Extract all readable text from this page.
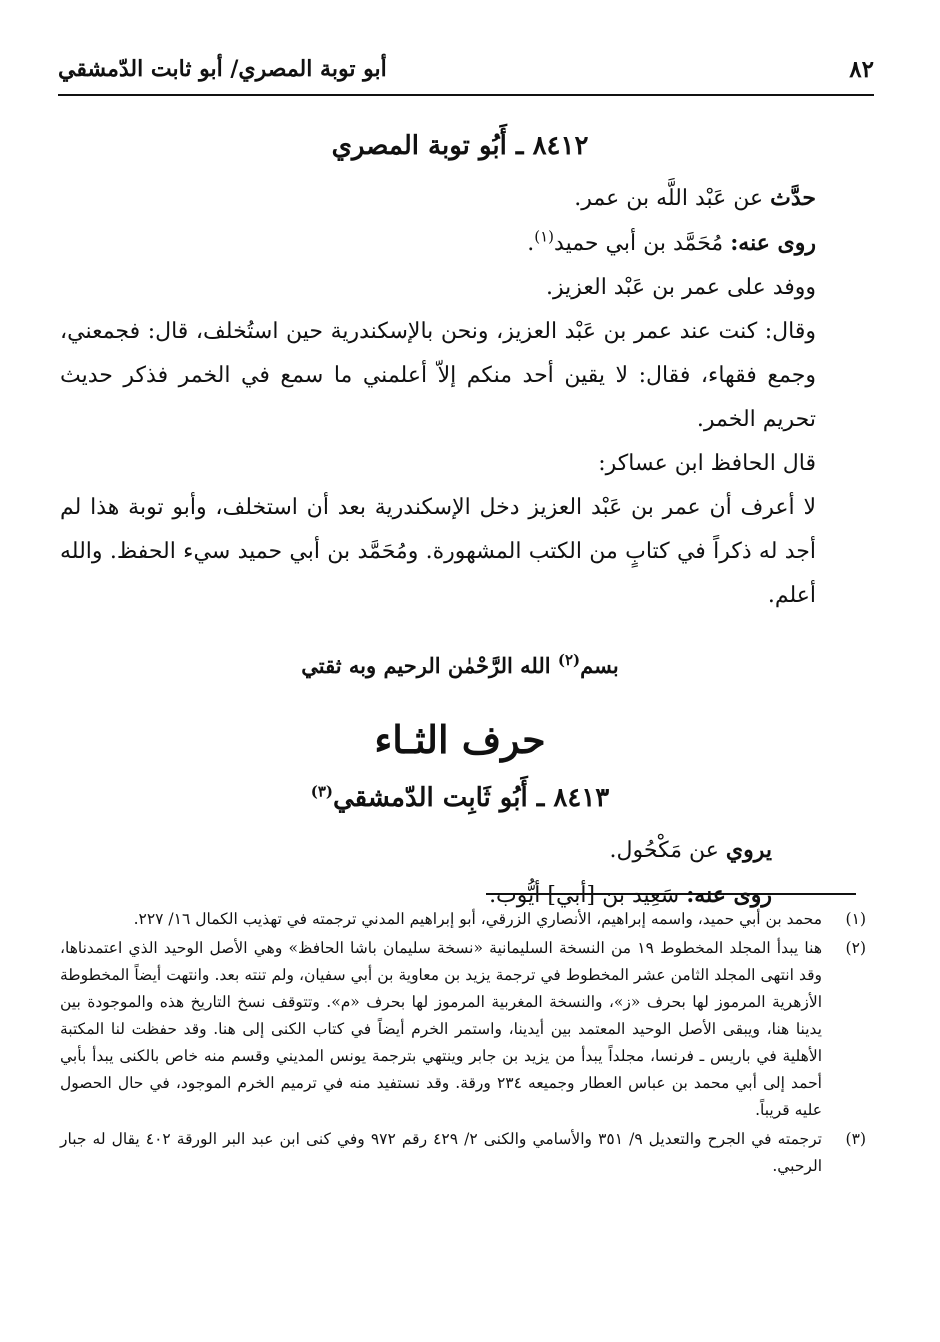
٨٢
أبو توبة المصري/ أبو ثابت الدّمشقي
٨٤١٢ ـ أَبُو توبة المصري

حدَّث عن عَبْد اللَّه بن عمر.

روى عنه: مُحَمَّد بن أبي حميد$^{(١)}$.

ووفد على عمر بن عَبْد العزيز.

وقال: كنت عند عمر بن عَبْد العزيز، ونحن بالإسكندرية حين استُخلف، قال: فجمعني، وجمع فقهاء، فقال: لا يقين أحد منكم إلاّ أعلمني ما سمع في الخمر فذكر حديث تحريم الخمر.

قال الحافظ ابن عساكر:

لا أعرف أن عمر بن عَبْد العزيز دخل الإسكندرية بعد أن استخلف، وأبو توبة هذا لم أجد له ذكراً في كتابٍ من الكتب المشهورة. ومُحَمَّد بن أبي حميد سيء الحفظ. والله أعلم.

بسم$^{(٢)}$ الله الرَّحْمٰن الرحيم وبه ثقتي
حرف الثـاء
٨٤١٣ ـ أَبُو ثَابِت الدّمشقي$^{(٣)}$

يروي عن مَكْحُول.

روى عنه: سَعِيد بن [أبي] أيُّوب.

(١)
محمد بن أبي حميد، واسمه إبراهيم، الأنصاري الزرقي، أبو إبراهيم المدني ترجمته في تهذيب الكمال ١٦/ ٢٢٧.
(٢)
هنا يبدأ المجلد المخطوط ١٩ من النسخة السليمانية «نسخة سليمان باشا الحافظ» وهي الأصل الوحيد الذي اعتمدناها، وقد انتهى المجلد الثامن عشر المخطوط في ترجمة يزيد بن معاوية بن أبي سفيان، ولم تنته بعد. وانتهت أيضاً المخطوطة الأزهرية المرموز لها بحرف «ز»، والنسخة المغربية المرموز لها بحرف «م». وتتوقف نسخ التاريخ هذه والموجودة بين يدينا هنا، ويبقى الأصل الوحيد المعتمد بين أيدينا، واستمر الخرم أيضاً في كتاب الكنى إلى هنا. وقد حفظت لنا المكتبة الأهلية في باريس ـ فرنسا، مجلداً يبدأ من يزيد بن جابر وينتهي بترجمة يونس المديني وقسم منه خاص بالكنى يبدأ بأبي أحمد إلى أبي محمد بن عباس العطار وجميعه ٢٣٤ ورقة. وقد نستفيد منه في ترميم الخرم الموجود، في حال الحصول عليه قريباً.
(٣)
ترجمته في الجرح والتعديل ٩/ ٣٥١ والأسامي والكنى ٢/ ٤٢٩ رقم ٩٧٢ وفي كنى ابن عبد البر الورقة ٤٠٢ يقال له جبار الرحبي.
